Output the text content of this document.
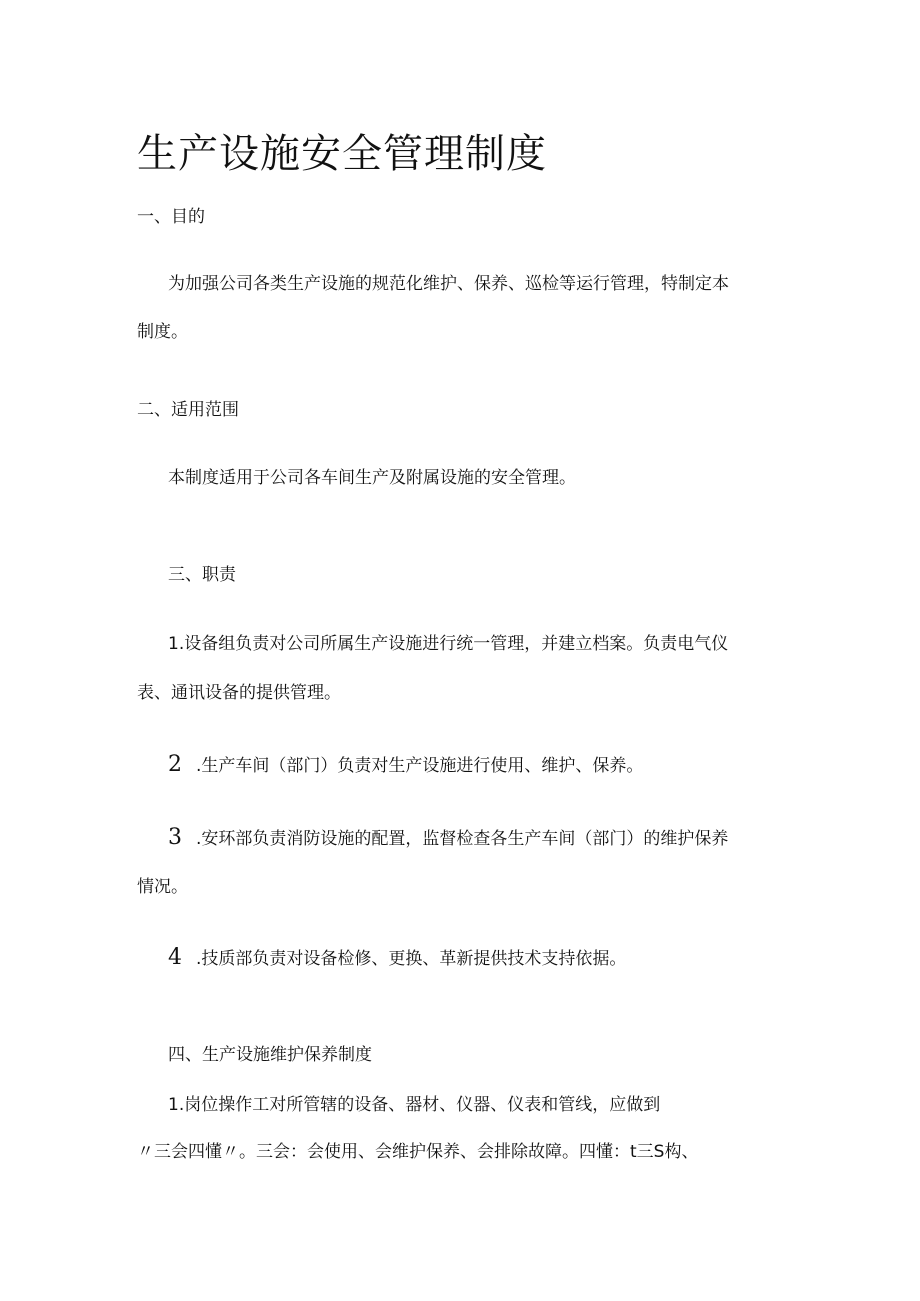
生产设施安全管理制度

一、目的

为加强公司各类生产设施的规范化维护、保养、巡检等运行管理，特制定本

制度。

二、适用范围

本制度适用于公司各车间生产及附属设施的安全管理。

三、职责

1.设备组负责对公司所属生产设施进行统一管理，并建立档案。负责电气仪

表、通讯设备的提供管理。

2 .生产车间（部门）负责对生产设施进行使用、维护、保养。

3 .安环部负责消防设施的配置，监督检查各生产车间（部门）的维护保养

情况。

4 .技质部负责对设备检修、更换、革新提供技术支持依据。

四、生产设施维护保养制度

1.岗位操作工对所管辖的设备、器材、仪器、仪表和管线，应做到

〃三会四懂〃。三会：会使用、会维护保养、会排除故障。四懂：t三S构、
